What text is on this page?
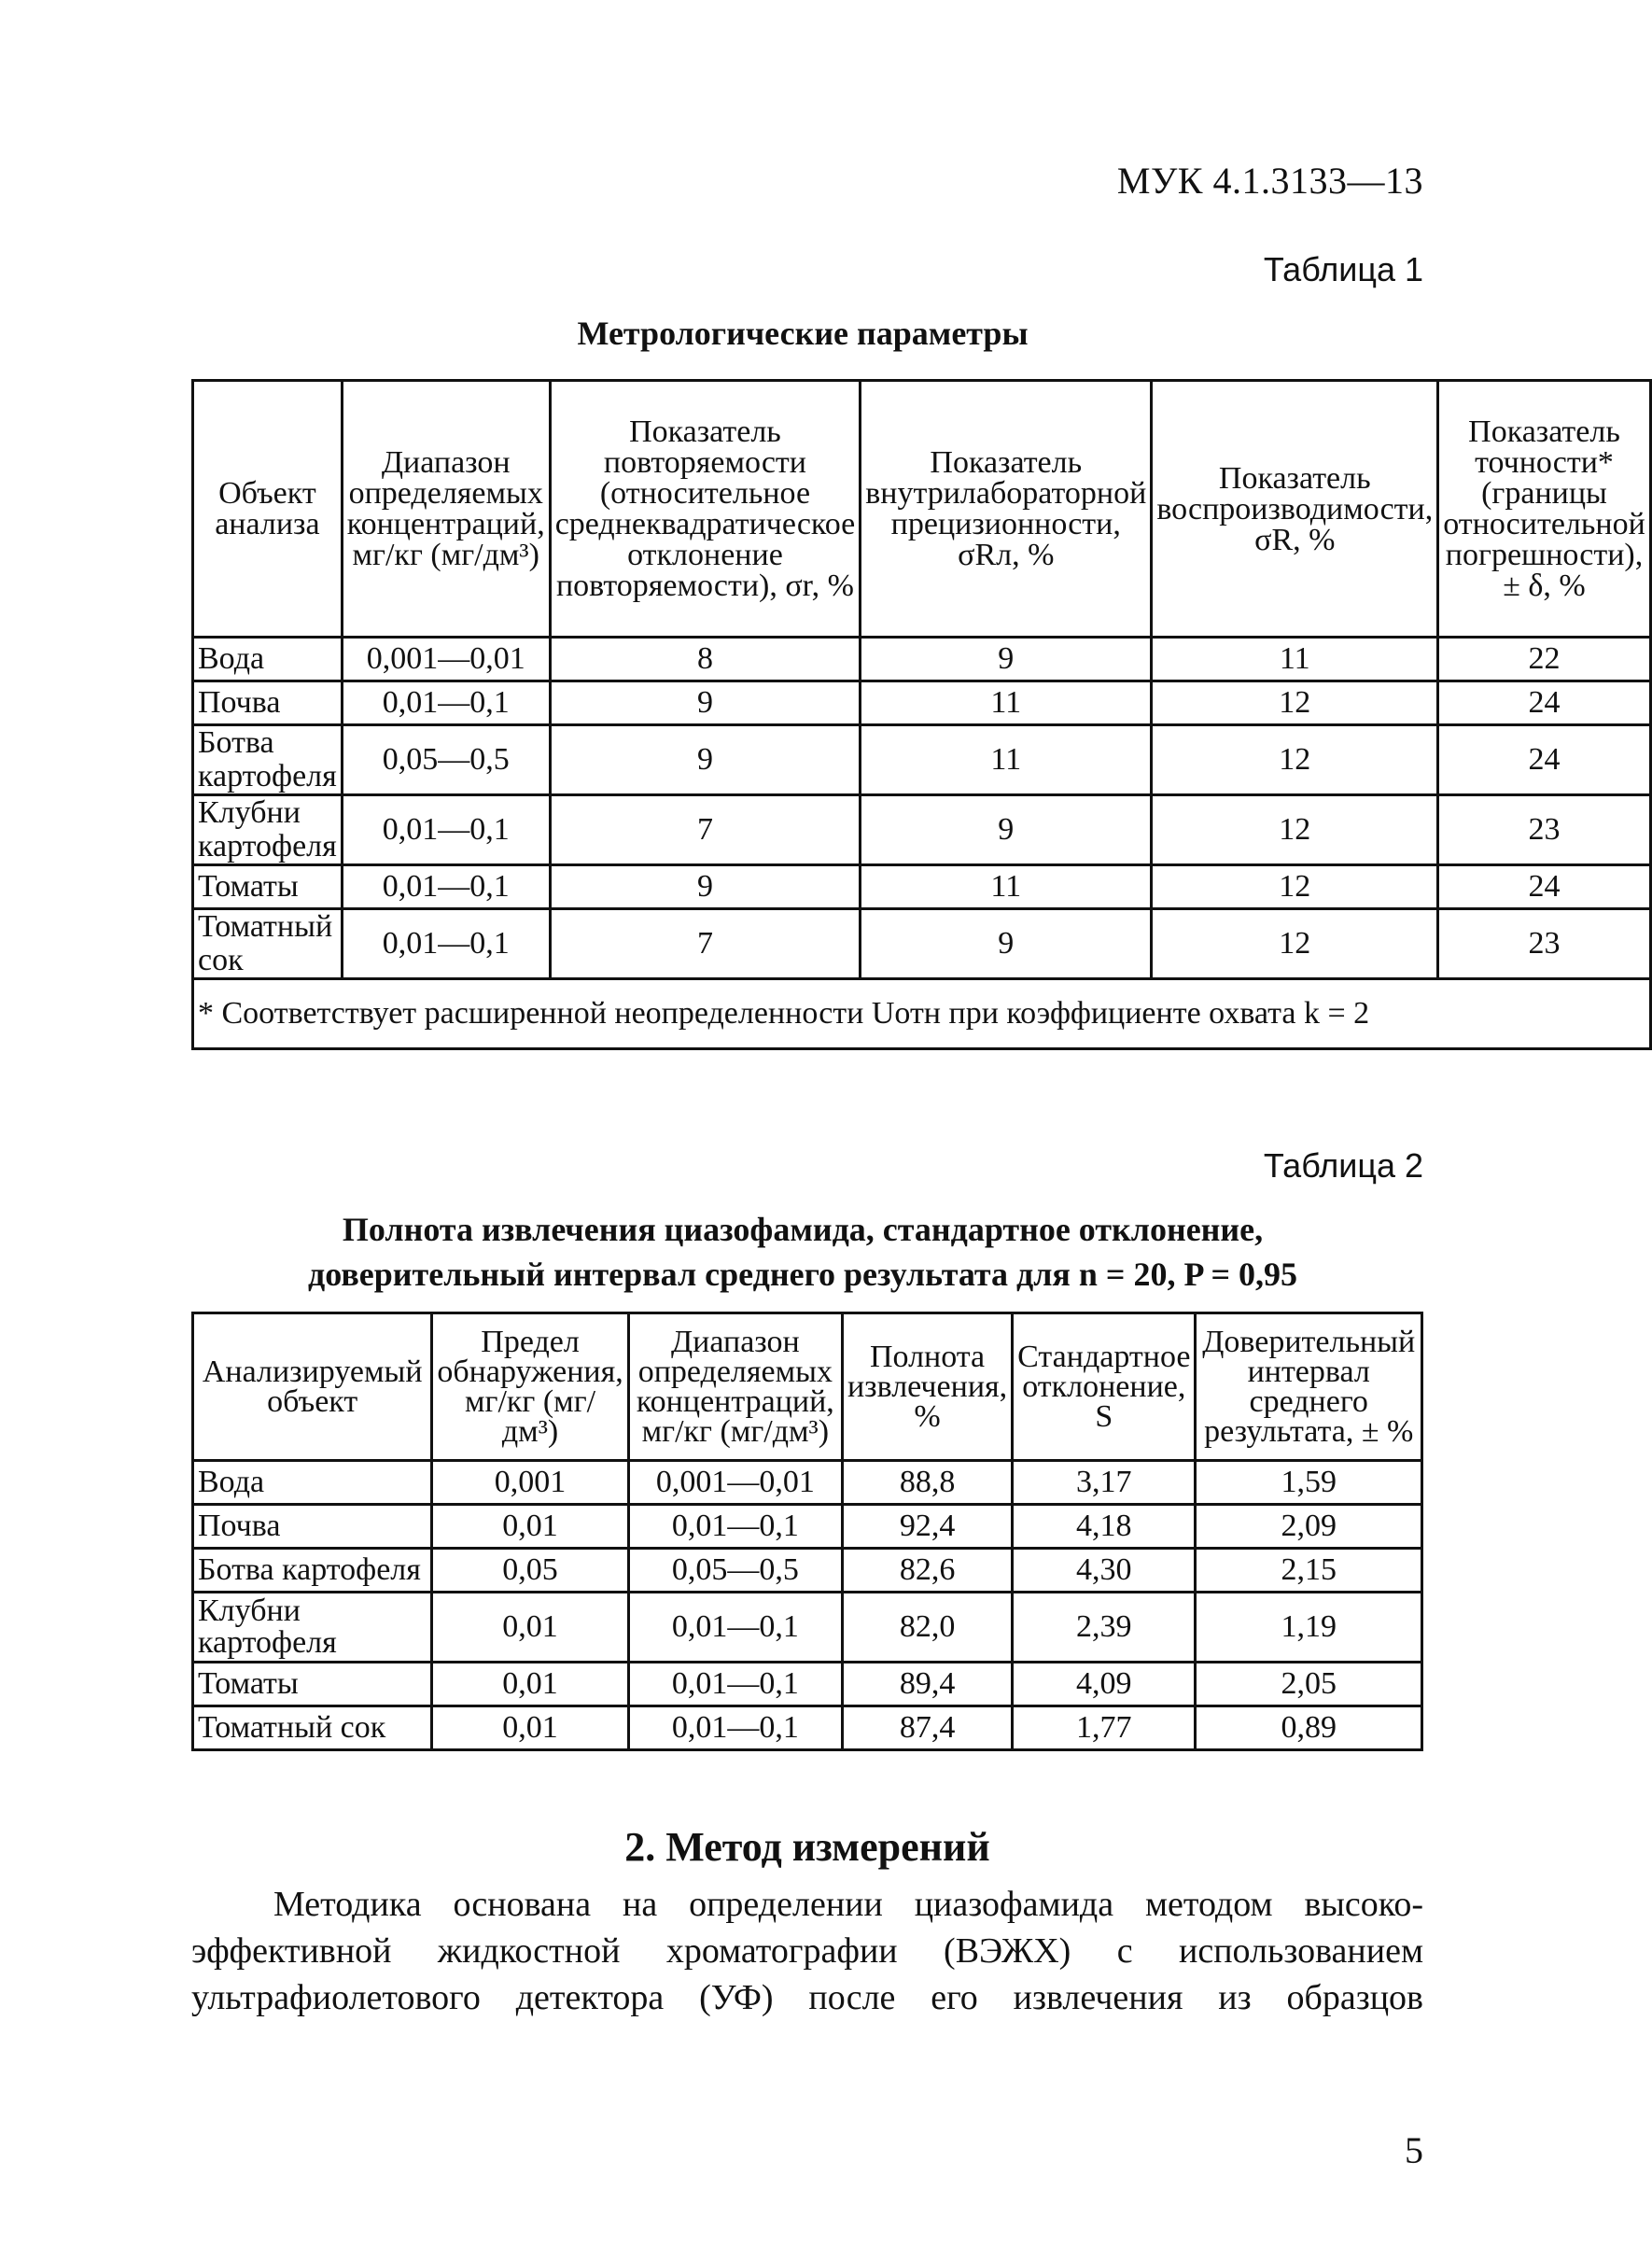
МУК 4.1.3133—13
Таблица 1
Метрологические параметры
Объект анализа	Диапазон определяемых концентраций, мг/кг (мг/дм³)	Показатель повторяемости (относительное среднеквадратическое отклонение повторяемости), σr, %	Показатель внутрилабораторной прецизионности, σRл, %	Показатель воспроизводимости, σR, %	Показатель точности* (границы относительной погрешности), ± δ, %
Вода	0,001—0,01	8	9	11	22
Почва	0,01—0,1	9	11	12	24
Ботва картофеля	0,05—0,5	9	11	12	24
Клубни картофеля	0,01—0,1	7	9	12	23
Томаты	0,01—0,1	9	11	12	24
Томатный сок	0,01—0,1	7	9	12	23
* Соответствует расширенной неопределенности Uотн при коэффициенте охвата k = 2					
Таблица 2
Полнота извлечения циазофамида, стандартное отклонение,
доверительный интервал среднего результата для n = 20, P = 0,95
Анализируемый объект	Предел обнаружения, мг/кг (мг/дм³)	Диапазон определяемых концентраций, мг/кг (мг/дм³)	Полнота извлечения, %	Стандартное отклонение, S	Доверительный интервал среднего результата, ± %
Вода	0,001	0,001—0,01	88,8	3,17	1,59
Почва	0,01	0,01—0,1	92,4	4,18	2,09
Ботва картофеля	0,05	0,05—0,5	82,6	4,30	2,15
Клубни картофеля	0,01	0,01—0,1	82,0	2,39	1,19
Томаты	0,01	0,01—0,1	89,4	4,09	2,05
Томатный сок	0,01	0,01—0,1	87,4	1,77	0,89
2. Метод измерений
Методика основана на определении циазофамида методом высоко-
эффективной жидкостной хроматографии (ВЭЖХ) с использованием
ультрафиолетового детектора (УФ) после его извлечения из образцов
5
